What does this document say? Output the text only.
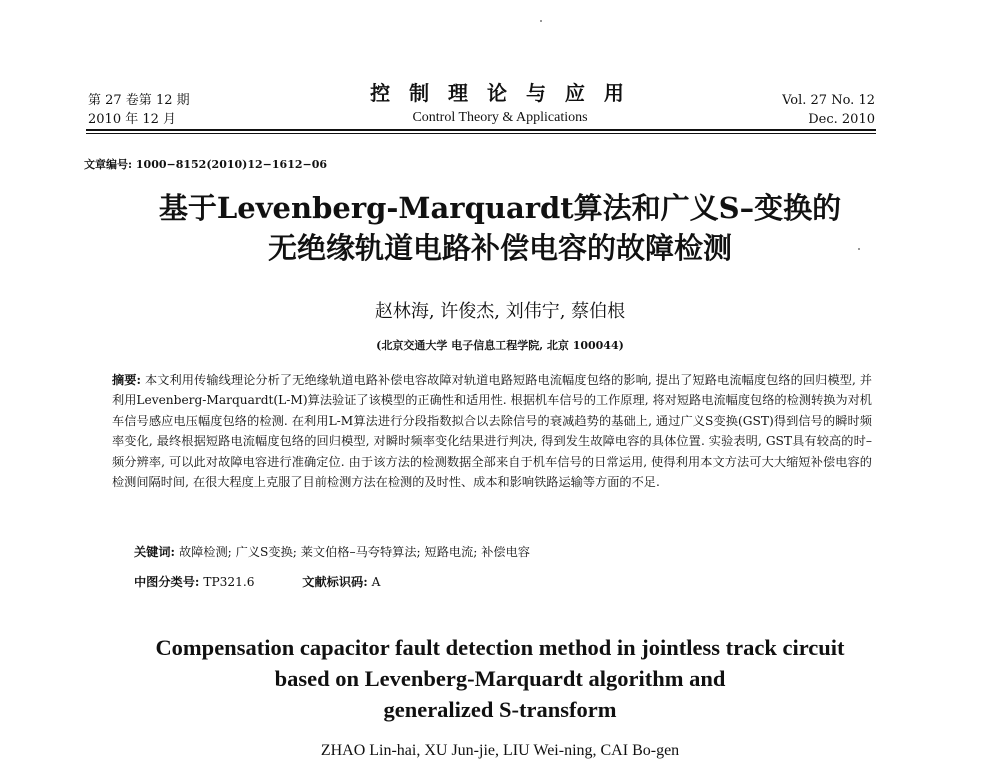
第 27 卷第 12 期
2010 年 12 月
控 制 理 论 与 应 用
Control Theory & Applications
Vol. 27 No. 12
Dec. 2010
文章编号: 1000−8152(2010)12−1612−06
基于Levenberg-Marquardt算法和广义S–变换的
无绝缘轨道电路补偿电容的故障检测
赵林海, 许俊杰, 刘伟宁, 蔡伯根
(北京交通大学 电子信息工程学院, 北京 100044)
摘要: 本文利用传输线理论分析了无绝缘轨道电路补偿电容故障对轨道电路短路电流幅度包络的影响, 提出了短路电流幅度包络的回归模型, 并利用Levenberg-Marquardt(L-M)算法验证了该模型的正确性和适用性. 根据机车信号的工作原理, 将对短路电流幅度包络的检测转换为对机车信号感应电压幅度包络的检测. 在利用L-M算法进行分段指数拟合以去除信号的衰减趋势的基础上, 通过广义S变换(GST)得到信号的瞬时频率变化, 最终根据短路电流幅度包络的回归模型, 对瞬时频率变化结果进行判决, 得到发生故障电容的具体位置. 实验表明, GST具有较高的时–频分辨率, 可以此对故障电容进行准确定位. 由于该方法的检测数据全部来自于机车信号的日常运用, 使得利用本文方法可大大缩短补偿电容的检测间隔时间, 在很大程度上克服了目前检测方法在检测的及时性、成本和影响铁路运输等方面的不足.
关键词: 故障检测; 广义S变换; 莱文伯格–马夸特算法; 短路电流; 补偿电容
中图分类号: TP321.6	文献标识码: A
Compensation capacitor fault detection method in jointless track circuit
based on Levenberg-Marquardt algorithm and
generalized S-transform
ZHAO Lin-hai, XU Jun-jie, LIU Wei-ning, CAI Bo-gen
